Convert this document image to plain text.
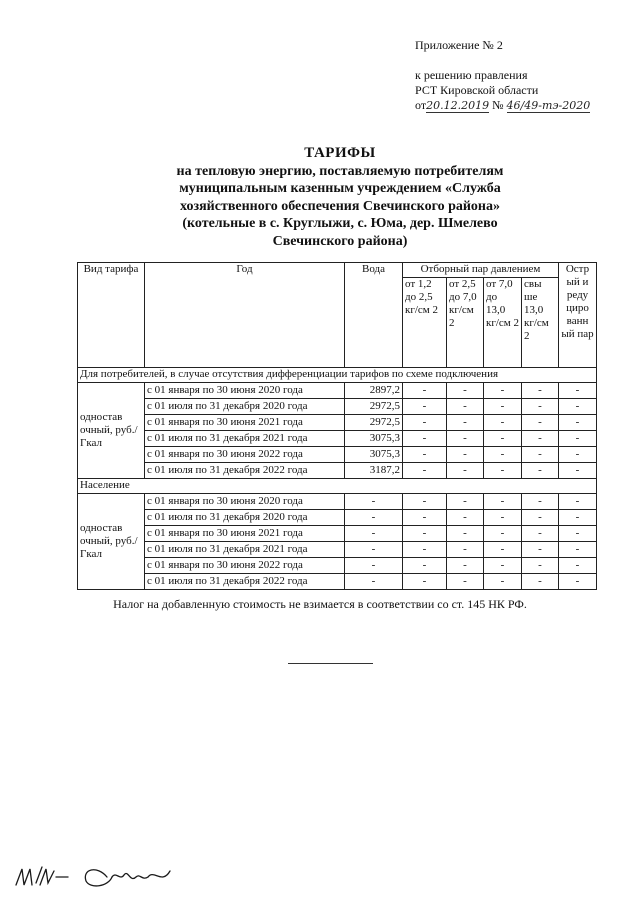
Приложение № 2
к решению правления
РСТ Кировской области
от20.12.2019 № 46/49-тэ-2020
ТАРИФЫ
на тепловую энергию, поставляемую потребителям
муниципальным казенным учреждением «Служба
хозяйственного обеспечения Свечинского района»
(котельные в с. Круглыжи, с. Юма, дер. Шмелево
Свечинского района)
Вид тарифа	Год	Вода	Отборный пар давлением				Остр ый и реду циро ванн ый пар
			от 1,2 до 2,5 кг/см 2	от 2,5 до 7,0 кг/см 2	от 7,0 до 13,0 кг/см 2	свы ше 13,0 кг/см 2	
Для потребителей, в случае отсутствия дифференциации тарифов по схеме подключения							
одностав очный, руб./Гкал	с 01 января по 30 июня 2020 года	2897,2	-	-	-	-	-
	с 01 июля по 31 декабря 2020 года	2972,5	-	-	-	-	-
	с 01 января по 30 июня 2021 года	2972,5	-	-	-	-	-
	с 01 июля по 31 декабря 2021 года	3075,3	-	-	-	-	-
	с 01 января по 30 июня 2022 года	3075,3	-	-	-	-	-
	с 01 июля по 31 декабря 2022 года	3187,2	-	-	-	-	-
Население							
одностав очный, руб./Гкал	с 01 января по 30 июня 2020 года	-	-	-	-	-	-
	с 01 июля по 31 декабря 2020 года	-	-	-	-	-	-
	с 01 января по 30 июня 2021 года	-	-	-	-	-	-
	с 01 июля по 31 декабря 2021 года	-	-	-	-	-	-
	с 01 января по 30 июня 2022 года	-	-	-	-	-	-
	с 01 июля по 31 декабря 2022 года	-	-	-	-	-	-
Налог на добавленную стоимость не взимается в соответствии со ст. 145 НК РФ.
